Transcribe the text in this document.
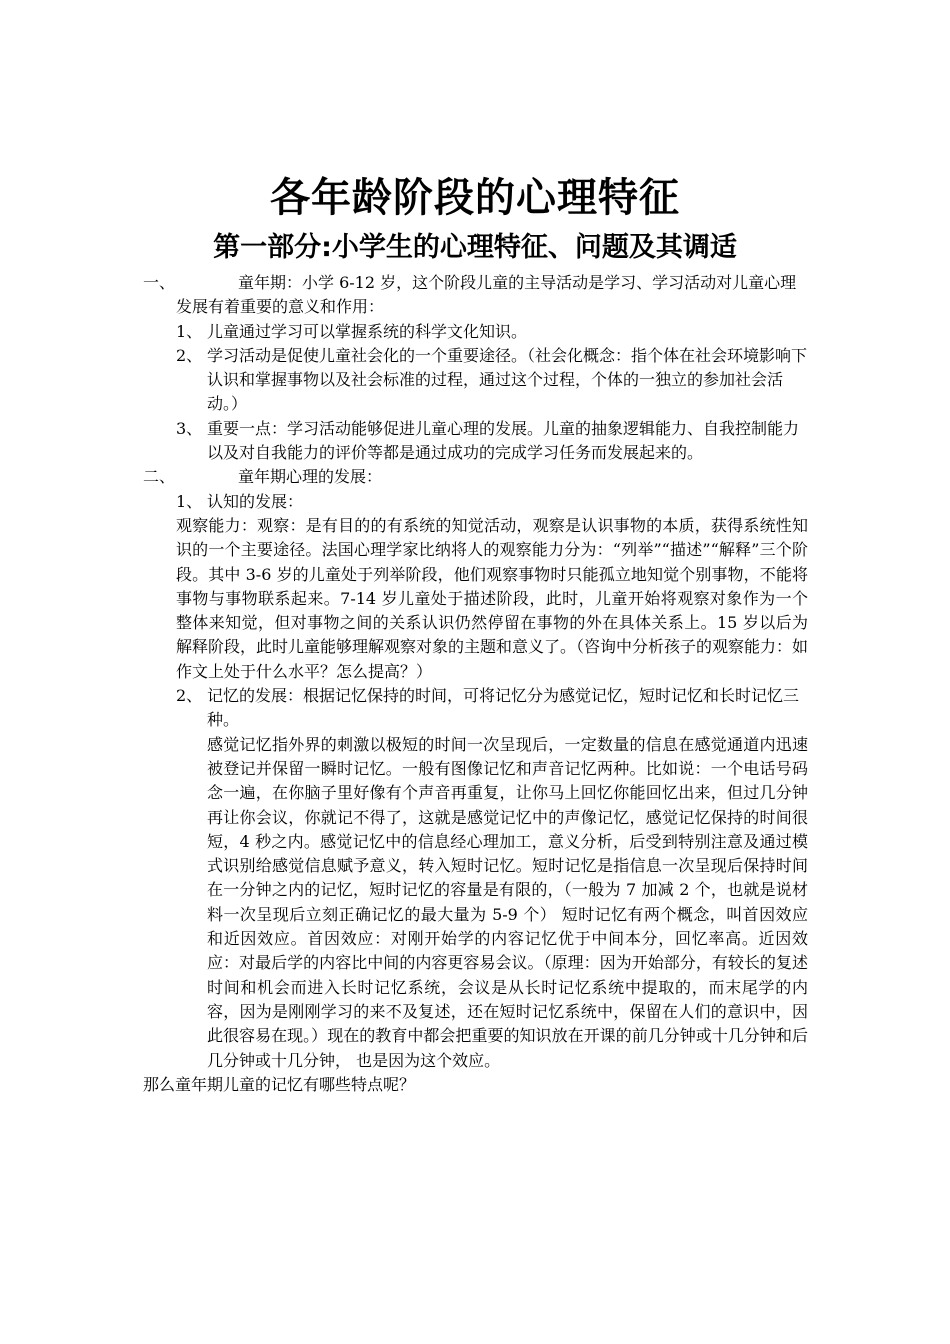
各年龄阶段的心理特征
第一部分:小学生的心理特征、问题及其调适
一、	童年期：小学 6-12 岁，这个阶段儿童的主导活动是学习、学习活动对儿童心理发展有着重要的意义和作用：
1、 儿童通过学习可以掌握系统的科学文化知识。
2、 学习活动是促使儿童社会化的一个重要途径。（社会化概念：指个体在社会环境影响下认识和掌握事物以及社会标准的过程，通过这个过程，个体的一独立的参加社会活动。）
3、 重要一点：学习活动能够促进儿童心理的发展。儿童的抽象逻辑能力、自我控制能力以及对自我能力的评价等都是通过成功的完成学习任务而发展起来的。
二、	童年期心理的发展：
1、 认知的发展：
观察能力：观察：是有目的的有系统的知觉活动，观察是认识事物的本质，获得系统性知识的一个主要途径。法国心理学家比纳将人的观察能力分为：“列举”“描述”“解释”三个阶段。其中 3-6 岁的儿童处于列举阶段，他们观察事物时只能孤立地知觉个别事物，不能将事物与事物联系起来。7-14 岁儿童处于描述阶段，此时，儿童开始将观察对象作为一个整体来知觉，但对事物之间的关系认识仍然停留在事物的外在具体关系上。15 岁以后为解释阶段，此时儿童能够理解观察对象的主题和意义了。（咨询中分析孩子的观察能力：如作文上处于什么水平？怎么提高？）
2、 记忆的发展：根据记忆保持的时间，可将记忆分为感觉记忆，短时记忆和长时记忆三种。
感觉记忆指外界的刺激以极短的时间一次呈现后，一定数量的信息在感觉通道内迅速被登记并保留一瞬时记忆。一般有图像记忆和声音记忆两种。比如说：一个电话号码念一遍，在你脑子里好像有个声音再重复，让你马上回忆你能回忆出来，但过几分钟再让你会议，你就记不得了，这就是感觉记忆中的声像记忆，感觉记忆保持的时间很短，4 秒之内。感觉记忆中的信息经心理加工，意义分析，后受到特别注意及通过模式识别给感觉信息赋予意义，转入短时记忆。短时记忆是指信息一次呈现后保持时间在一分钟之内的记忆，短时记忆的容量是有限的，（一般为 7 加减 2 个，也就是说材料一次呈现后立刻正确记忆的最大量为 5-9 个） 短时记忆有两个概念，叫首因效应和近因效应。首因效应：对刚开始学的内容记忆优于中间本分，回忆率高。近因效应：对最后学的内容比中间的内容更容易会议。（原理：因为开始部分，有较长的复述时间和机会而进入长时记忆系统，会议是从长时记忆系统中提取的，而末尾学的内容，因为是刚刚学习的来不及复述，还在短时记忆系统中，保留在人们的意识中，因此很容易在现。）现在的教育中都会把重要的知识放在开课的前几分钟或十几分钟和后几分钟或十几分钟， 也是因为这个效应。
那么童年期儿童的记忆有哪些特点呢？
